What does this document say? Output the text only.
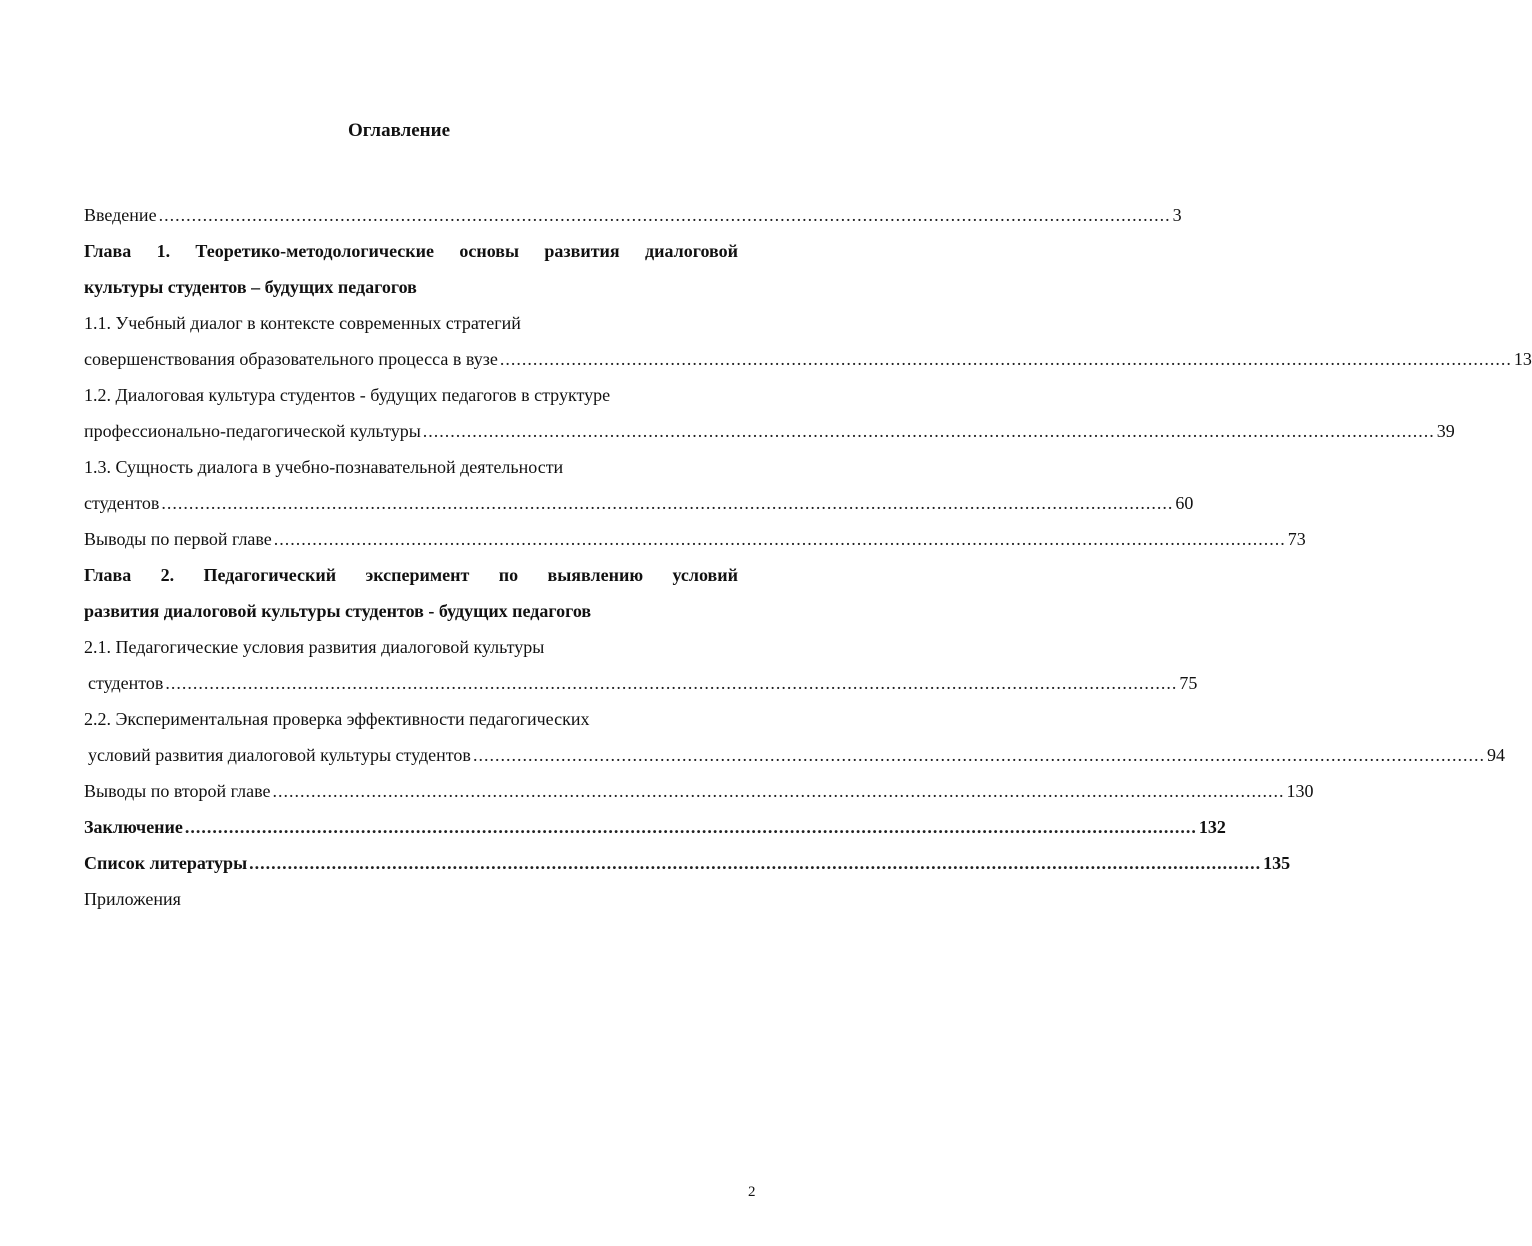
Оглавление
Введение ........................................................................................................................................................................................ 3
Глава 1. Теоретико-методологические основы развития диалоговой
культуры студентов – будущих педагогов
1.1. Учебный диалог в контексте современных стратегий
совершенствования образовательного процесса в вузе ........................................................................................................................................................................................ 13
1.2. Диалоговая культура студентов - будущих педагогов в структуре
профессионально-педагогической культуры ........................................................................................................................................................................................ 39
1.3. Сущность диалога в учебно-познавательной деятельности
студентов ........................................................................................................................................................................................ 60
Выводы по первой главе ........................................................................................................................................................................................ 73
Глава 2. Педагогический эксперимент по выявлению условий
развития диалоговой культуры студентов - будущих педагогов
2.1. Педагогические условия развития диалоговой культуры
студентов ........................................................................................................................................................................................ 75
2.2. Экспериментальная проверка эффективности педагогических
условий развития диалоговой культуры студентов ........................................................................................................................................................................................ 94
Выводы по второй главе ........................................................................................................................................................................................ 130
Заключение ........................................................................................................................................................................................ 132
Список литературы ........................................................................................................................................................................................ 135
Приложения
2
